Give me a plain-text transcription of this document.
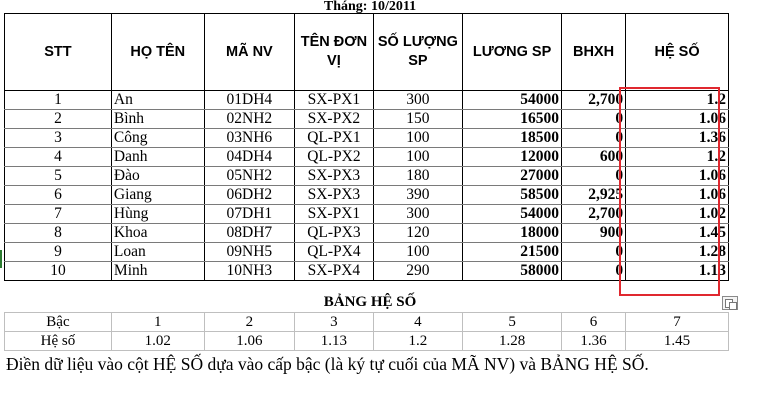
Tháng: 10/2011
STT	HỌ TÊN	MÃ NV	TÊN ĐƠN VỊ	SỐ LƯỢNG SP	LƯƠNG SP	BHXH	HỆ SỐ
1	An	01DH4	SX-PX1	300	54000	2,700	1.2
2	Bình	02NH2	SX-PX2	150	16500	0	1.06
3	Công	03NH6	QL-PX1	100	18500	0	1.36
4	Danh	04DH4	QL-PX2	100	12000	600	1.2
5	Đào	05NH2	SX-PX3	180	27000	0	1.06
6	Giang	06DH2	SX-PX3	390	58500	2,925	1.06
7	Hùng	07DH1	SX-PX1	300	54000	2,700	1.02
8	Khoa	08DH7	QL-PX3	120	18000	900	1.45
9	Loan	09NH5	QL-PX4	100	21500	0	1.28
10	Minh	10NH3	SX-PX4	290	58000	0	1.13
BẢNG HỆ SỐ
Bậc	1	2	3	4	5	6	7
Hệ số	1.02	1.06	1.13	1.2	1.28	1.36	1.45
Điền dữ liệu vào cột HỆ SỐ dựa vào cấp bậc (là ký tự cuối của MÃ NV) và BẢNG HỆ SỐ.
